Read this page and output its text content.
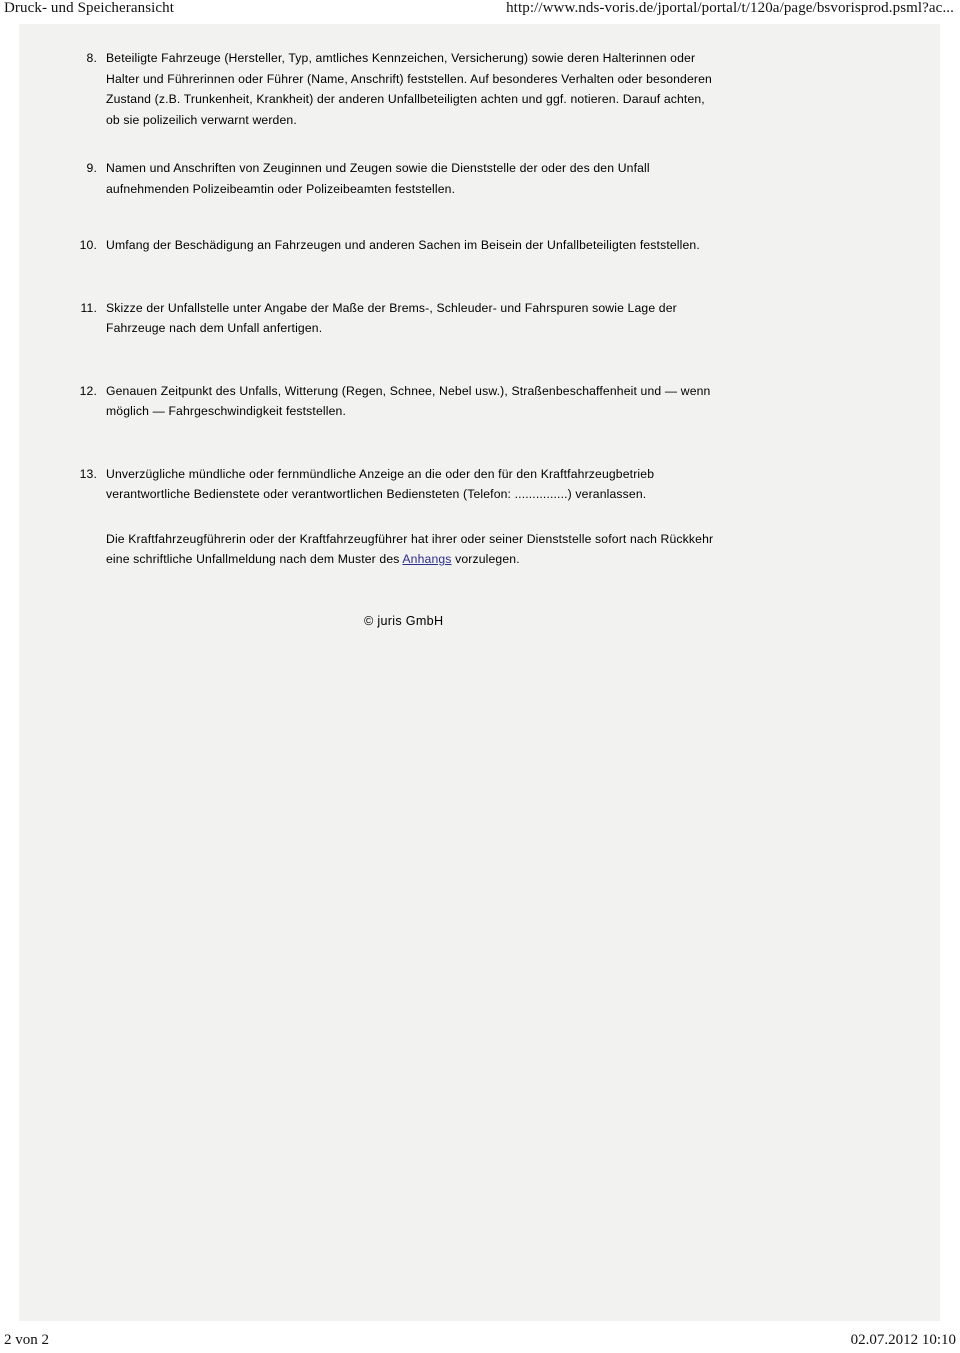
Druck- und Speicheransicht	http://www.nds-voris.de/jportal/portal/t/120a/page/bsvorisprod.psml?ac...
8. Beteiligte Fahrzeuge (Hersteller, Typ, amtliches Kennzeichen, Versicherung) sowie deren Halterinnen oder Halter und Führerinnen oder Führer (Name, Anschrift) feststellen. Auf besonderes Verhalten oder besonderen Zustand (z.B. Trunkenheit, Krankheit) der anderen Unfallbeteiligten achten und ggf. notieren. Darauf achten, ob sie polizeilich verwarnt werden.
9. Namen und Anschriften von Zeuginnen und Zeugen sowie die Dienststelle der oder des den Unfall aufnehmenden Polizeibeamtin oder Polizeibeamten feststellen.
10. Umfang der Beschädigung an Fahrzeugen und anderen Sachen im Beisein der Unfallbeteiligten feststellen.
11. Skizze der Unfallstelle unter Angabe der Maße der Brems-, Schleuder- und Fahrspuren sowie Lage der Fahrzeuge nach dem Unfall anfertigen.
12. Genauen Zeitpunkt des Unfalls, Witterung (Regen, Schnee, Nebel usw.), Straßenbeschaffenheit und — wenn möglich — Fahrgeschwindigkeit feststellen.
13. Unverzügliche mündliche oder fernmündliche Anzeige an die oder den für den Kraftfahrzeugbetrieb verantwortliche Bedienstete oder verantwortlichen Bediensteten (Telefon: ...............) veranlassen.
Die Kraftfahrzeugführerin oder der Kraftfahrzeugführer hat ihrer oder seiner Dienststelle sofort nach Rückkehr eine schriftliche Unfallmeldung nach dem Muster des Anhangs vorzulegen.
© juris GmbH
2 von 2	02.07.2012 10:10
